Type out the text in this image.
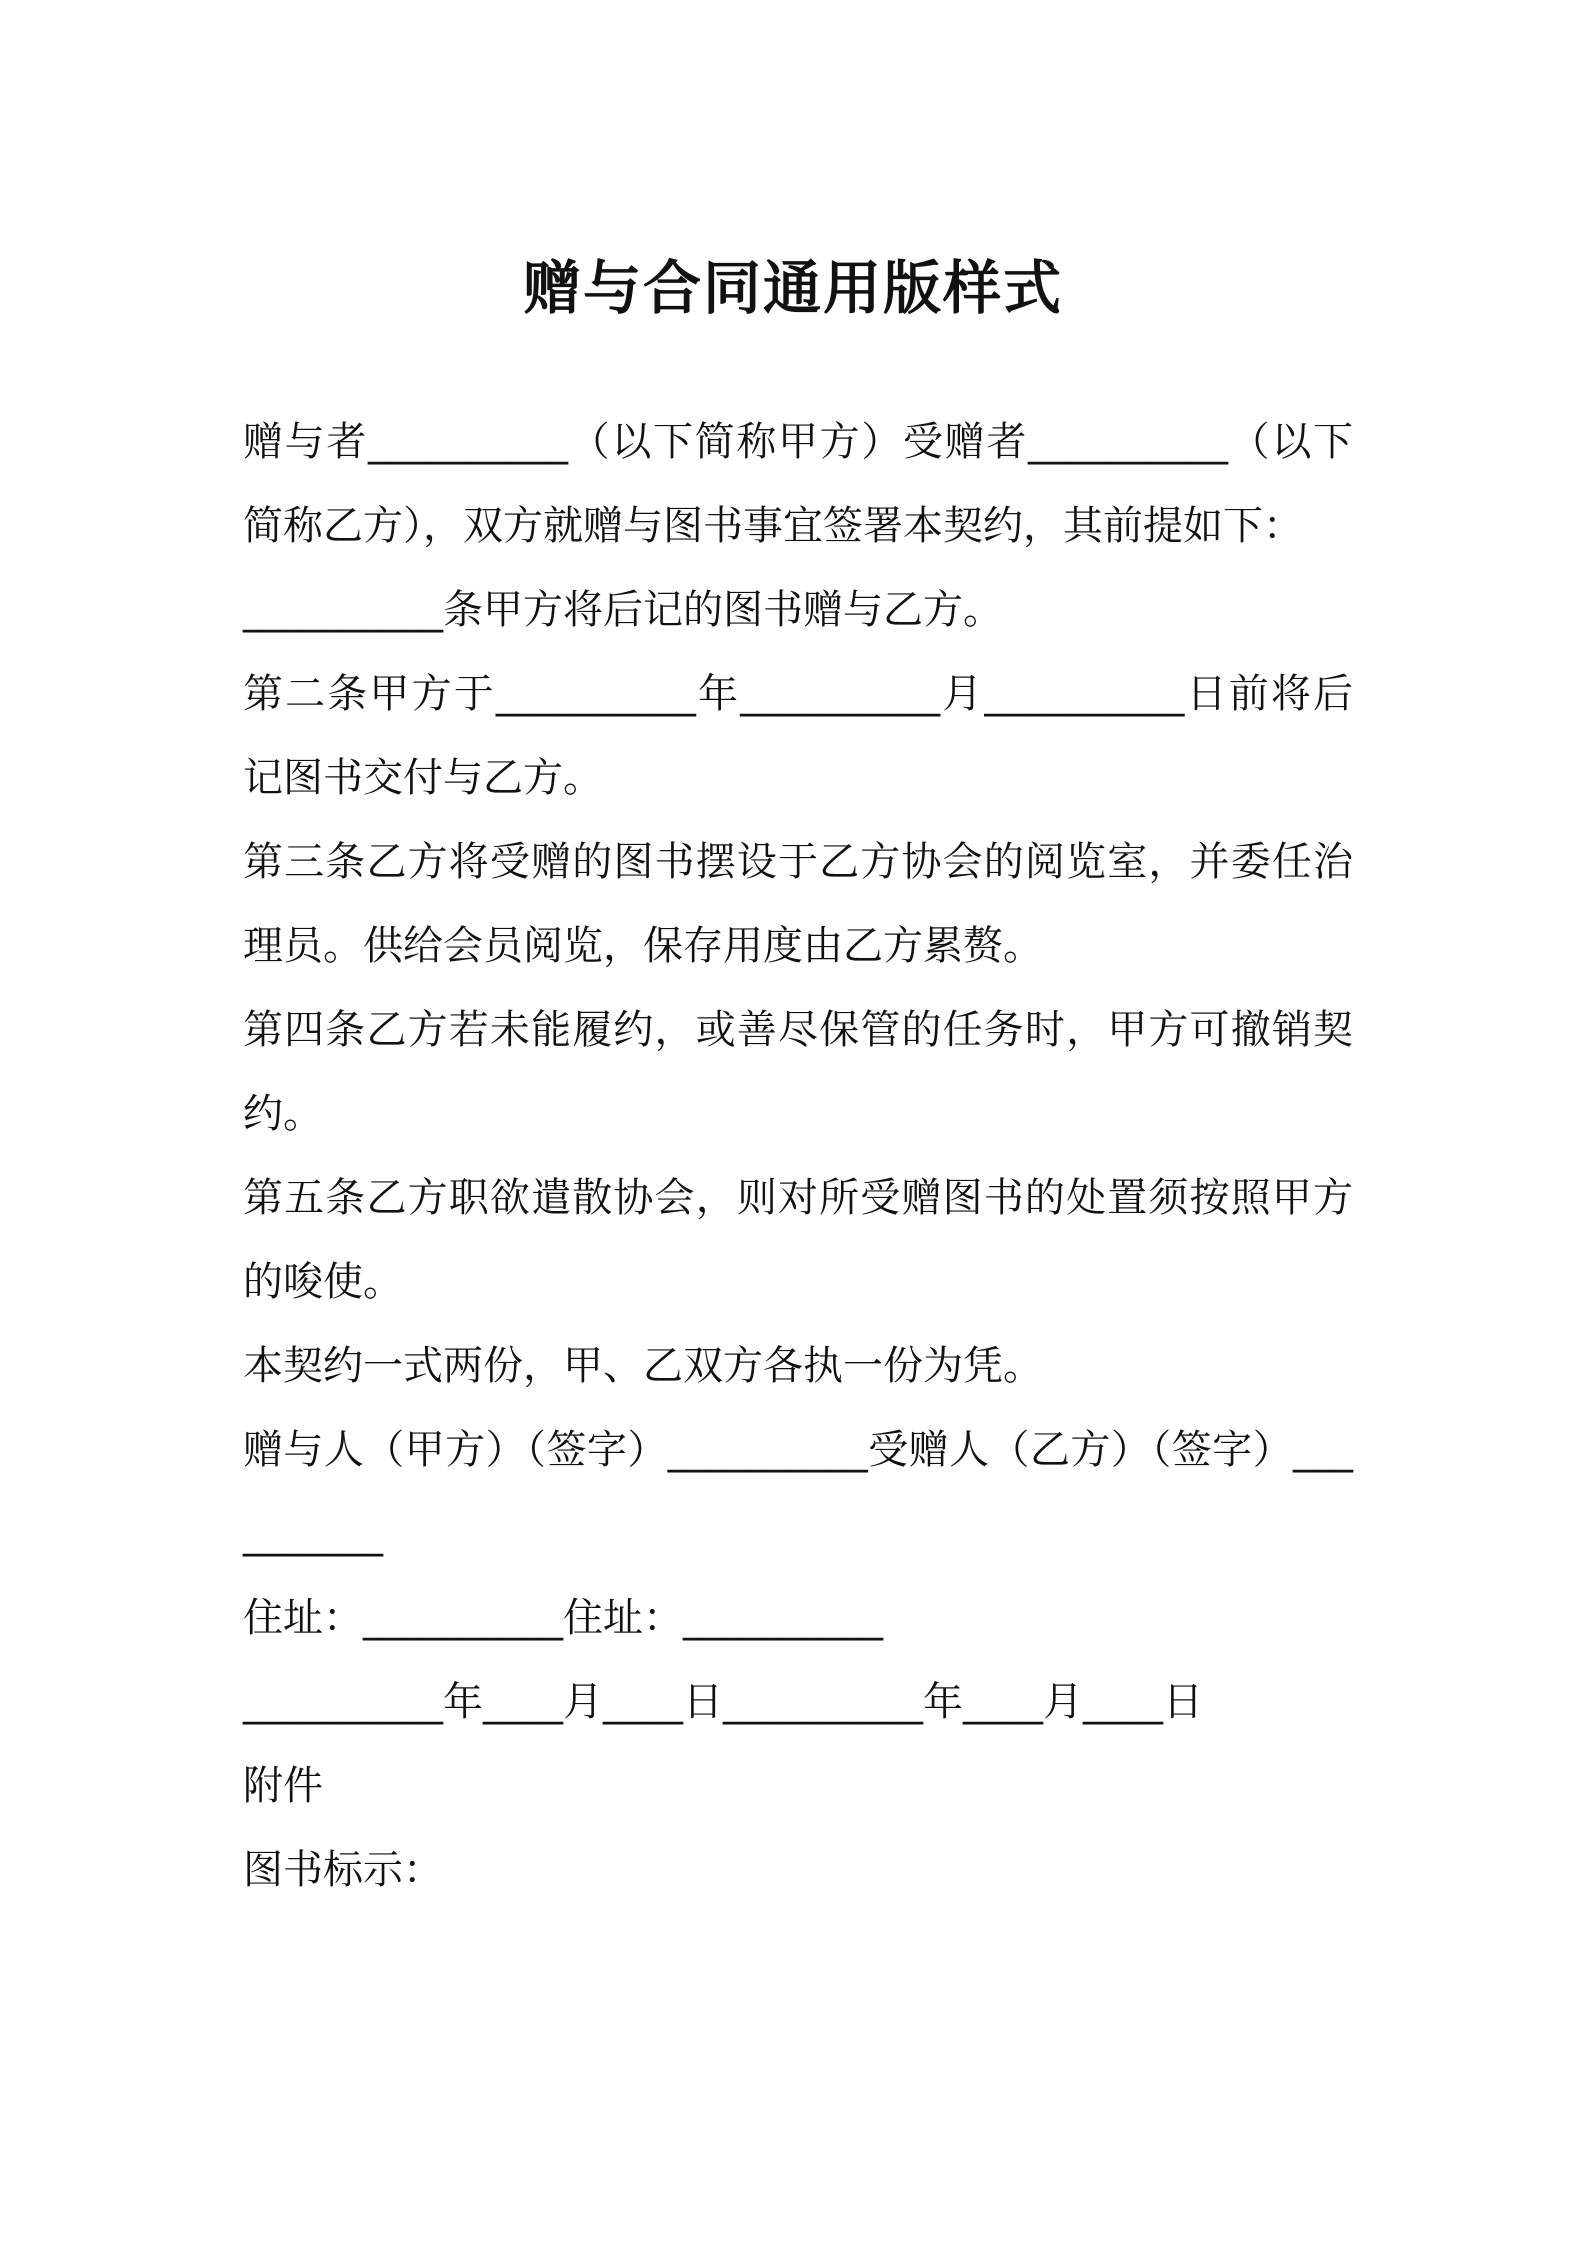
赠与合同通用版样式

赠与者__________（以下简称甲方）受赠者__________（以下简称乙方），双方就赠与图书事宜签署本契约，其前提如下：

__________条甲方将后记的图书赠与乙方。

第二条甲方于__________年__________月__________日前将后记图书交付与乙方。

第三条乙方将受赠的图书摆设于乙方协会的阅览室，并委任治理员。供给会员阅览，保存用度由乙方累赘。

第四条乙方若未能履约，或善尽保管的任务时，甲方可撤销契约。

第五条乙方职欲遣散协会，则对所受赠图书的处置须按照甲方的唆使。

本契约一式两份，甲、乙双方各执一份为凭。

赠与人（甲方）（签字）__________受赠人（乙方）（签字）__________

住址：__________住址：__________

__________年____月____日__________年____月____日

附件

图书标示：
